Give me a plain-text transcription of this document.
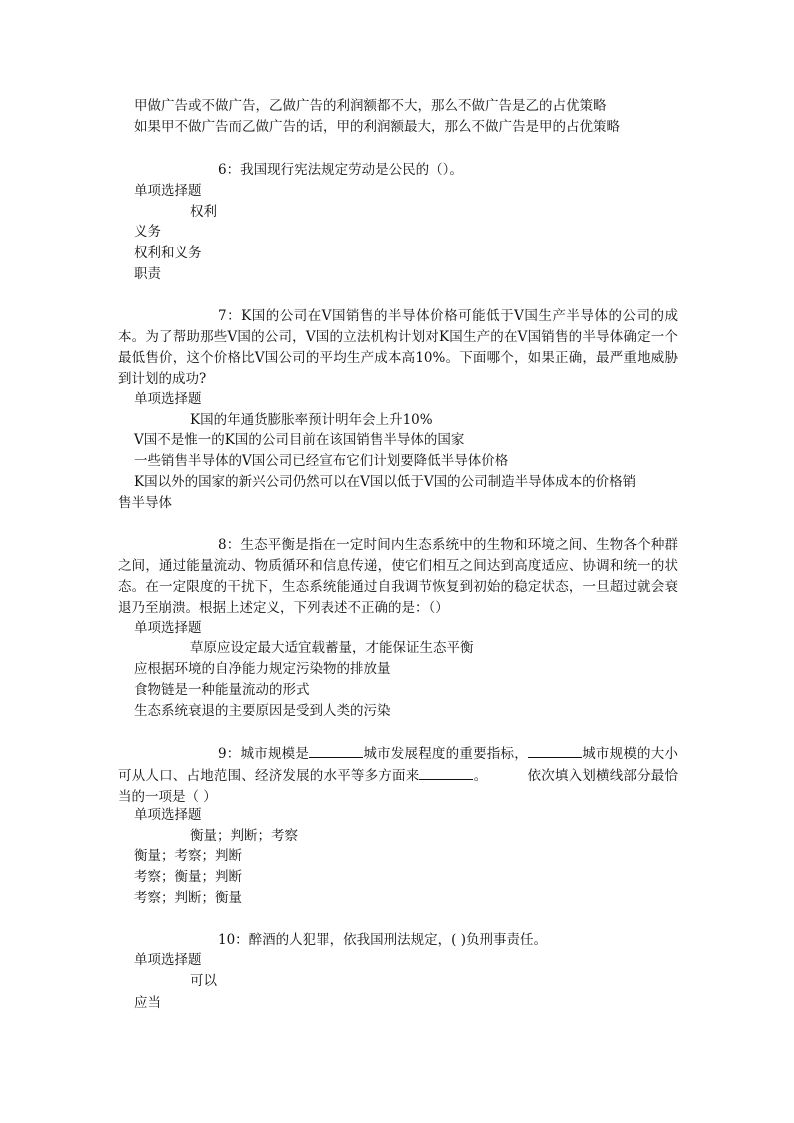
甲做广告或不做广告，乙做广告的利润额都不大，那么不做广告是乙的占优策略
如果甲不做广告而乙做广告的话，甲的利润额最大，那么不做广告是甲的占优策略
6：我国现行宪法规定劳动是公民的（）。
单项选择题
权利
义务
权利和义务
职责
7：K国的公司在V国销售的半导体价格可能低于V国生产半导体的公司的成本。为了帮助那些V国的公司，V国的立法机构计划对K国生产的在V国销售的半导体确定一个最低售价，这个价格比V国公司的平均生产成本高10%。下面哪个，如果正确，最严重地威胁到计划的成功?
单项选择题
K国的年通货膨胀率预计明年会上升10%
V国不是惟一的K国的公司目前在该国销售半导体的国家
一些销售半导体的V国公司已经宣布它们计划要降低半导体价格
K国以外的国家的新兴公司仍然可以在V国以低于V国的公司制造半导体成本的价格销
售半导体
8：生态平衡是指在一定时间内生态系统中的生物和环境之间、生物各个种群之间，通过能量流动、物质循环和信息传递，使它们相互之间达到高度适应、协调和统一的状态。在一定限度的干扰下，生态系统能通过自我调节恢复到初始的稳定状态，一旦超过就会衰退乃至崩溃。根据上述定义，下列表述不正确的是：（）
单项选择题
草原应设定最大适宜载蓄量，才能保证生态平衡
应根据环境的自净能力规定污染物的排放量
食物链是一种能量流动的形式
生态系统衰退的主要原因是受到人类的污染
9：城市规模是	城市发展程度的重要指标，	城市规模的大小可从人口、占地范围、经济发展的水平等多方面来	。	依次填入划横线部分最恰当的一项是（ ）
单项选择题
衡量；判断；考察
衡量；考察；判断
考察；衡量；判断
考察；判断；衡量
10：醉酒的人犯罪，依我国刑法规定，( )负刑事责任。
单项选择题
可以
应当
